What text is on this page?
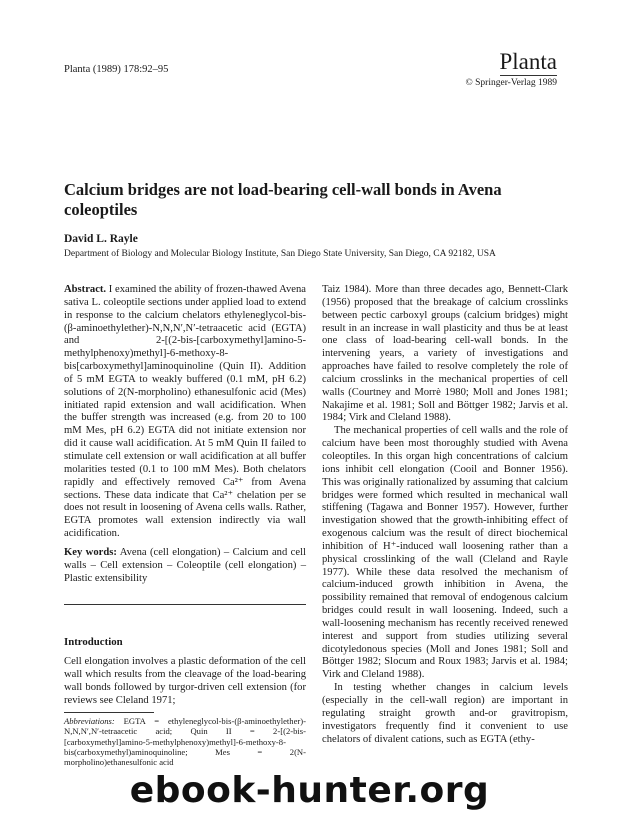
Planta (1989) 178:92–95	Planta
© Springer-Verlag 1989
Calcium bridges are not load-bearing cell-wall bonds in Avena coleoptiles
David L. Rayle
Department of Biology and Molecular Biology Institute, San Diego State University, San Diego, CA 92182, USA

Abstract. I examined the ability of frozen-thawed Avena sativa L. coleoptile sections under applied load to extend in response to the calcium chelators ethyleneglycol-bis-(β-aminoethylether)-N,N,N′,N′-tetraacetic acid (EGTA) and 2-[(2-bis-[carboxymethyl]amino-5-methylphenoxy)methyl]-6-methoxy-8-bis[carboxymethyl]aminoquinoline (Quin II). Addition of 5 mM EGTA to weakly buffered (0.1 mM, pH 6.2) solutions of 2(N-morpholino) ethanesulfonic acid (Mes) initiated rapid extension and wall acidification. When the buffer strength was increased (e.g. from 20 to 100 mM Mes, pH 6.2) EGTA did not initiate extension nor did it cause wall acidification. At 5 mM Quin II failed to stimulate cell extension or wall acidification at all buffer molarities tested (0.1 to 100 mM Mes). Both chelators rapidly and effectively removed Ca²⁺ from Avena sections. These data indicate that Ca²⁺ chelation per se does not result in loosening of Avena cells walls. Rather, EGTA promotes wall extension indirectly via wall acidification.

Key words: Avena (cell elongation) – Calcium and cell walls – Cell extension – Coleoptile (cell elongation) – Plastic extensibility

Introduction
Cell elongation involves a plastic deformation of the cell wall which results from the cleavage of the load-bearing wall bonds followed by turgor-driven cell extension (for reviews see Cleland 1971;
Abbreviations: EGTA = ethyleneglycol-bis-(β-aminoethylether)-N,N,N′,N′-tetraacetic acid; Quin II = 2-[(2-bis-[carboxymethyl]amino-5-methylphenoxy)methyl]-6-methoxy-8-bis(carboxymethyl)aminoquinoline; Mes = 2(N-morpholino)ethanesulfonic acid

Taiz 1984). More than three decades ago, Bennett-Clark (1956) proposed that the breakage of calcium crosslinks between pectic carboxyl groups (calcium bridges) might result in an increase in wall plasticity and thus be at least one class of load-bearing cell-wall bonds. In the intervening years, a variety of investigations and approaches have failed to resolve completely the role of calcium crosslinks in the mechanical properties of cell walls (Courtney and Morrè 1980; Moll and Jones 1981; Nakajime et al. 1981; Soll and Böttger 1982; Jarvis et al. 1984; Virk and Cleland 1988).

The mechanical properties of cell walls and the role of calcium have been most thoroughly studied with Avena coleoptiles. In this organ high concentrations of calcium ions inhibit cell elongation (Cooil and Bonner 1956). This was originally rationalized by assuming that calcium bridges were formed which resulted in mechanical wall stiffening (Tagawa and Bonner 1957). However, further investigation showed that the growth-inhibiting effect of exogenous calcium was the result of direct biochemical inhibition of H⁺-induced wall loosening rather than a physical crosslinking of the wall (Cleland and Rayle 1977). While these data resolved the mechanism of calcium-induced growth inhibition in Avena, the possibility remained that removal of endogenous calcium bridges could result in wall loosening. Indeed, such a wall-loosening mechanism has recently received renewed interest and support from studies utilizing several dicotyledonous species (Moll and Jones 1981; Soll and Böttger 1982; Slocum and Roux 1983; Jarvis et al. 1984; Virk and Cleland 1988).

In testing whether changes in calcium levels (especially in the cell-wall region) are important in regulating straight growth and-or gravitropism, investigators frequently find it convenient to use chelators of divalent cations, such as EGTA (ethy-

ebook-hunter.org
